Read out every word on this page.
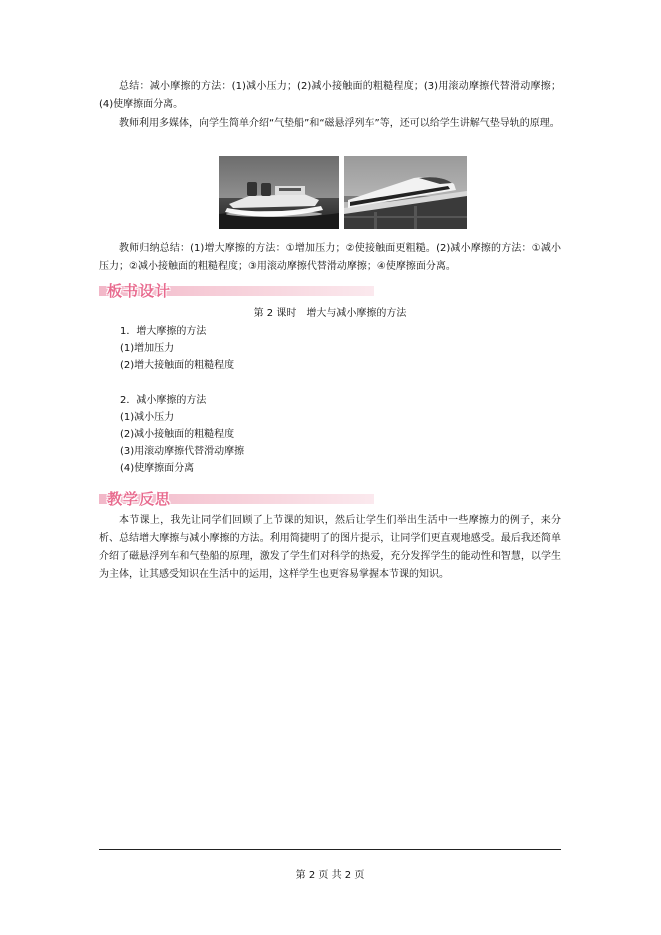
总结：减小摩擦的方法：(1)减小压力；(2)减小接触面的粗糙程度；(3)用滚动摩擦代替滑动摩擦；(4)使摩擦面分离。

教师利用多媒体，向学生简单介绍“气垫船”和“磁悬浮列车”等，还可以给学生讲解气垫导轨的原理。

教师归纳总结：(1)增大摩擦的方法：①增加压力；②使接触面更粗糙。(2)减小摩擦的方法：①减小压力；②减小接触面的粗糙程度；③用滚动摩擦代替滑动摩擦；④使摩擦面分离。

板书设计
第 2 课时　增大与减小摩擦的方法
1．增大摩擦的方法
(1)增加压力
(2)增大接触面的粗糙程度
2．减小摩擦的方法
(1)减小压力
(2)减小接触面的粗糙程度
(3)用滚动摩擦代替滑动摩擦
(4)使摩擦面分离
教学反思

本节课上，我先让同学们回顾了上节课的知识，然后让学生们举出生活中一些摩擦力的例子，来分析、总结增大摩擦与减小摩擦的方法。利用简捷明了的图片提示，让同学们更直观地感受。最后我还简单介绍了磁悬浮列车和气垫船的原理，激发了学生们对科学的热爱，充分发挥学生的能动性和智慧，以学生为主体，让其感受知识在生活中的运用，这样学生也更容易掌握本节课的知识。

第 2 页 共 2 页
